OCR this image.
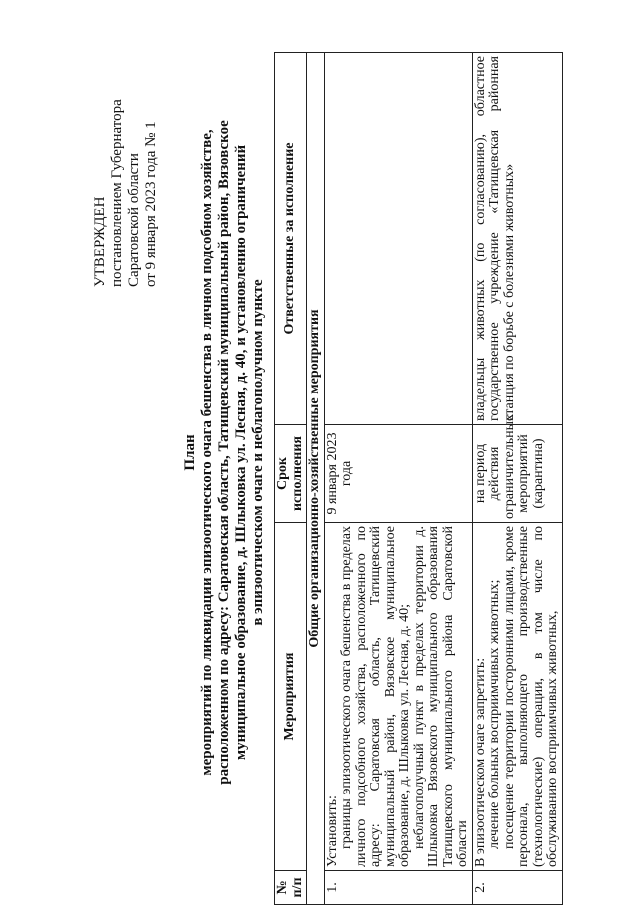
УТВЕРЖДЕН постановлением Губернатора Саратовской области от 9 января 2023 года № 1
План мероприятий по ликвидации эпизоотического очага бешенства в личном подсобном хозяйстве, расположенном по адресу: Саратовская область, Татищевский муниципальный район, Вязовское муниципальное образование, д. Шлыковка ул. Лесная, д. 40, и установлению ограничений в эпизоотическом очаге и неблагополучном пункте
№ п/п	Мероприятия	Срок исполнения	Ответственные за исполнение
Общие организационно-хозяйственные мероприятия			
1.	Установить: границы эпизоотического очага бешенства в пределах личного подсобного хозяйства, расположенного по адресу: Саратовская область, Татищевский муниципальный район, Вязовское муниципальное образование, д. Шлыковка ул. Лесная, д. 40; неблагополучный пункт в пределах территории д. Шлыковка Вязовского муниципального образования Татищевского муниципального района Саратовской области	9 января 2023 года	
2.	В эпизоотическом очаге запретить: лечение больных восприимчивых животных; посещение территории посторонними лицами, кроме персонала, выполняющего производственные (технологические) операции, в том числе по обслуживанию восприимчивых животных,	на период действия ограничительных мероприятий (карантина)	владельцы животных (по согласованию), областное государственное учреждение «Татищевская районная станция по борьбе с болезнями животных»
